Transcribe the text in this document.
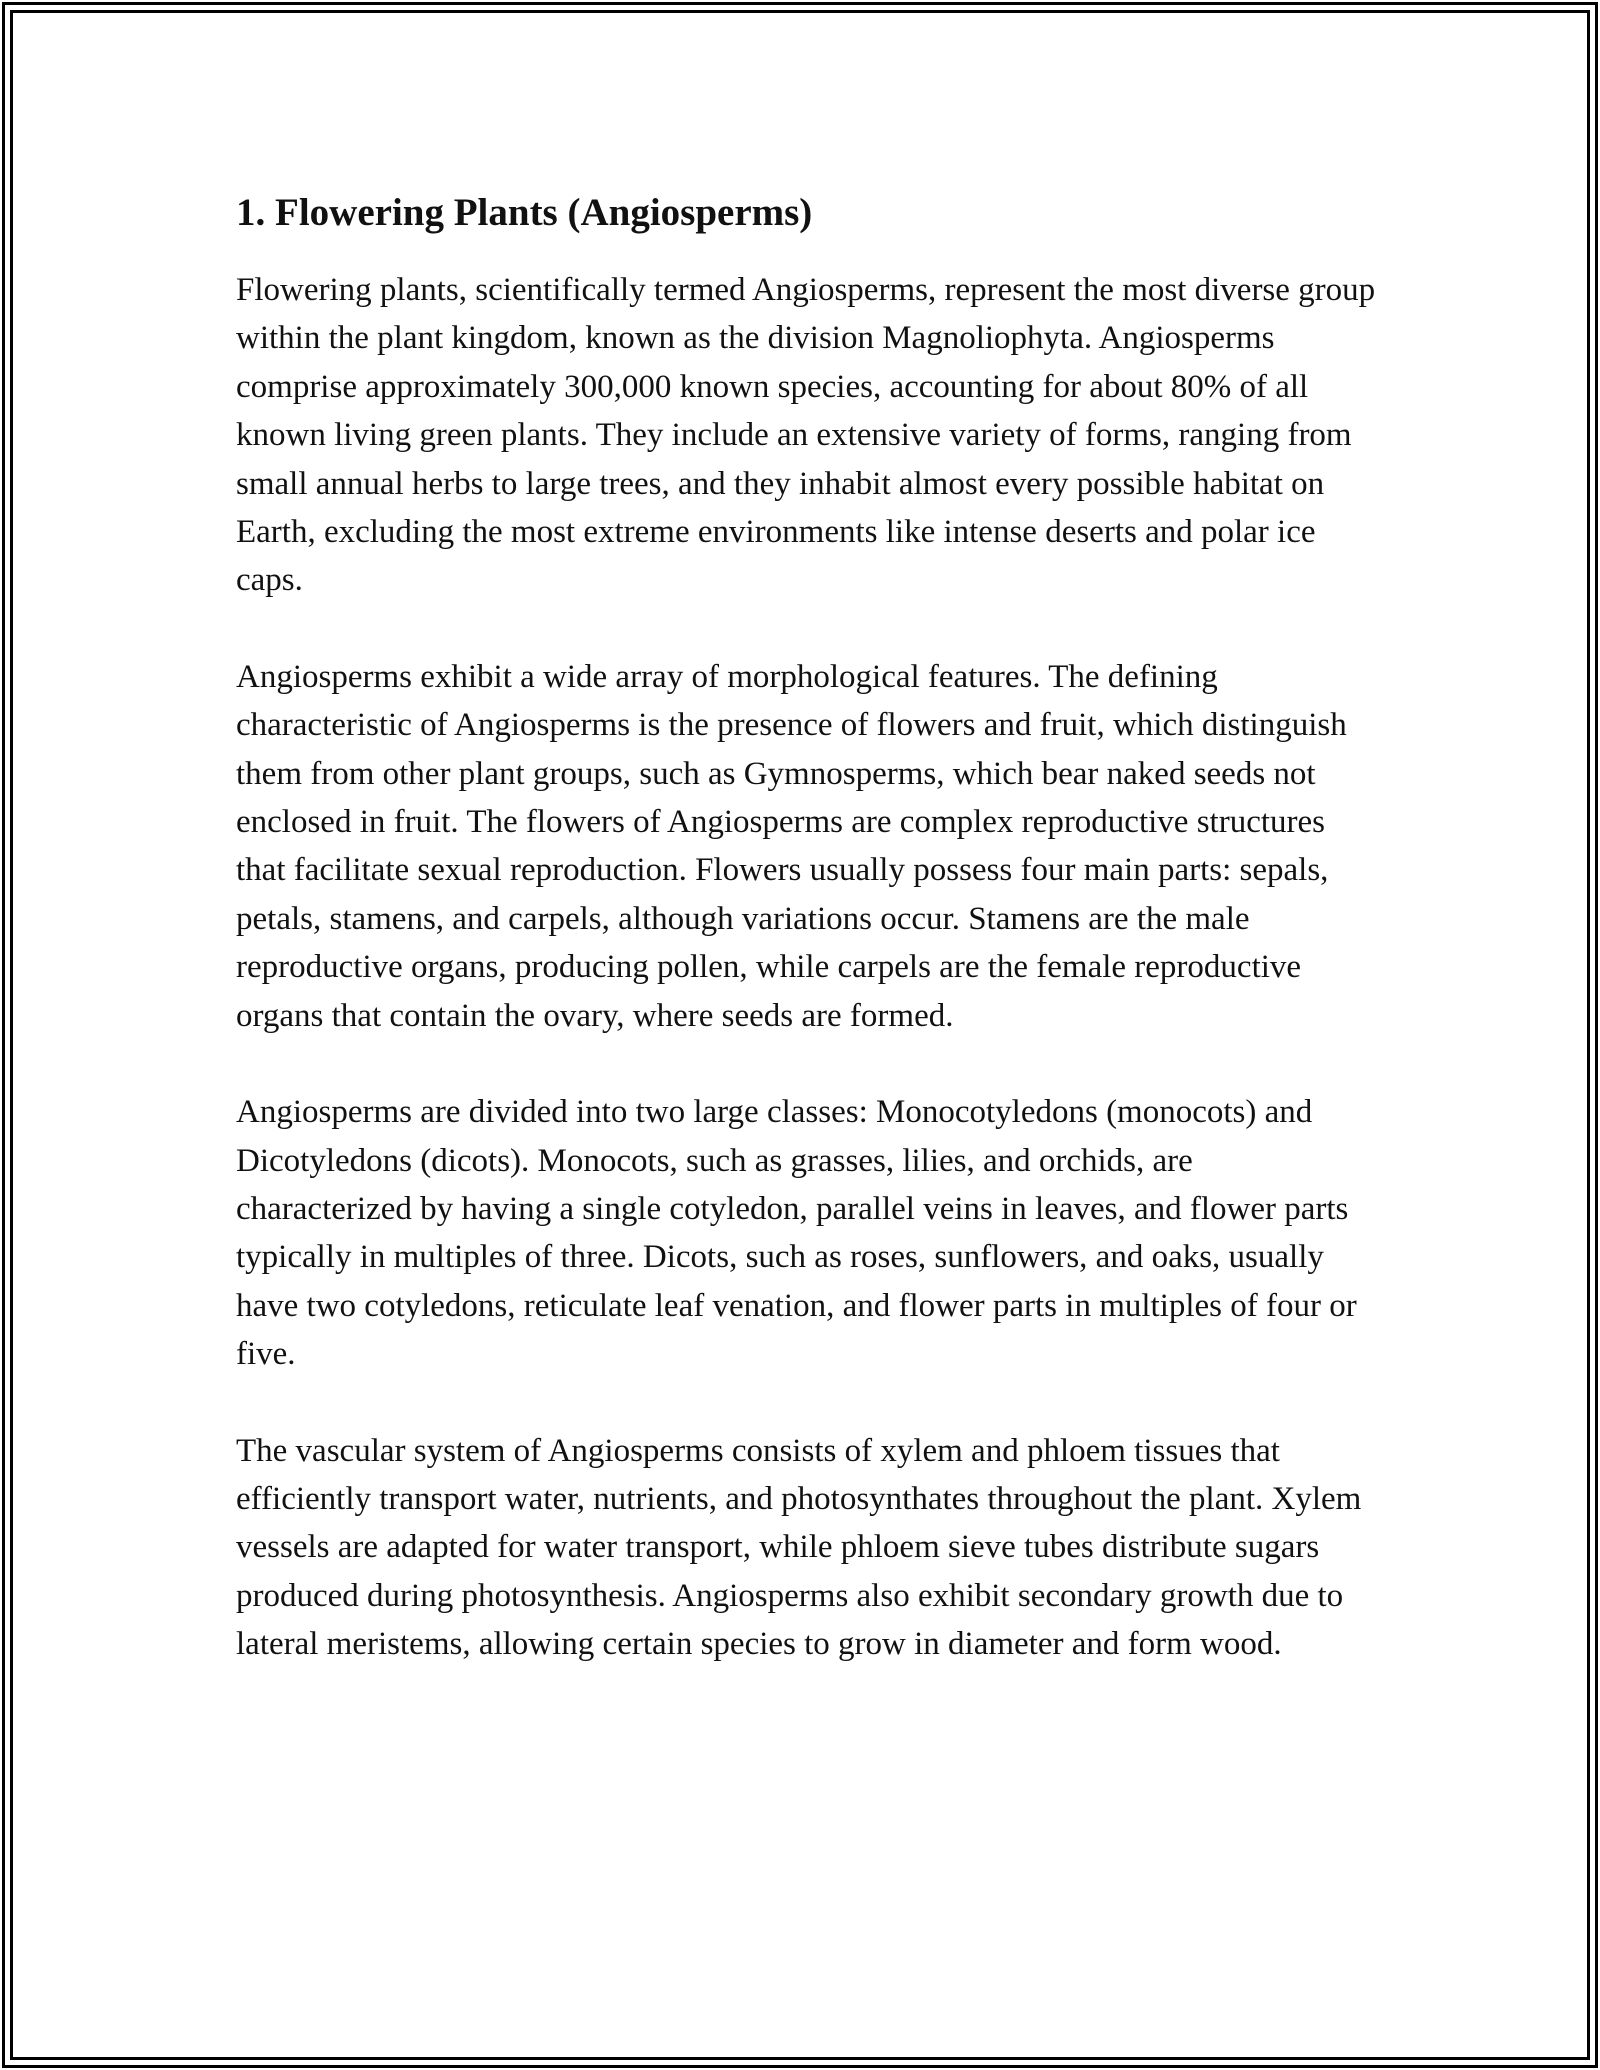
1. Flowering Plants (Angiosperms)

Flowering plants, scientifically termed Angiosperms, represent the most diverse group within the plant kingdom, known as the division Magnoliophyta. Angiosperms comprise approximately 300,000 known species, accounting for about 80% of all known living green plants. They include an extensive variety of forms, ranging from small annual herbs to large trees, and they inhabit almost every possible habitat on Earth, excluding the most extreme environments like intense deserts and polar ice caps.

Angiosperms exhibit a wide array of morphological features. The defining characteristic of Angiosperms is the presence of flowers and fruit, which distinguish them from other plant groups, such as Gymnosperms, which bear naked seeds not enclosed in fruit. The flowers of Angiosperms are complex reproductive structures that facilitate sexual reproduction. Flowers usually possess four main parts: sepals, petals, stamens, and carpels, although variations occur. Stamens are the male reproductive organs, producing pollen, while carpels are the female reproductive organs that contain the ovary, where seeds are formed.

Angiosperms are divided into two large classes: Monocotyledons (monocots) and Dicotyledons (dicots). Monocots, such as grasses, lilies, and orchids, are characterized by having a single cotyledon, parallel veins in leaves, and flower parts typically in multiples of three. Dicots, such as roses, sunflowers, and oaks, usually have two cotyledons, reticulate leaf venation, and flower parts in multiples of four or five.

The vascular system of Angiosperms consists of xylem and phloem tissues that efficiently transport water, nutrients, and photosynthates throughout the plant. Xylem vessels are adapted for water transport, while phloem sieve tubes distribute sugars produced during photosynthesis. Angiosperms also exhibit secondary growth due to lateral meristems, allowing certain species to grow in diameter and form wood.
